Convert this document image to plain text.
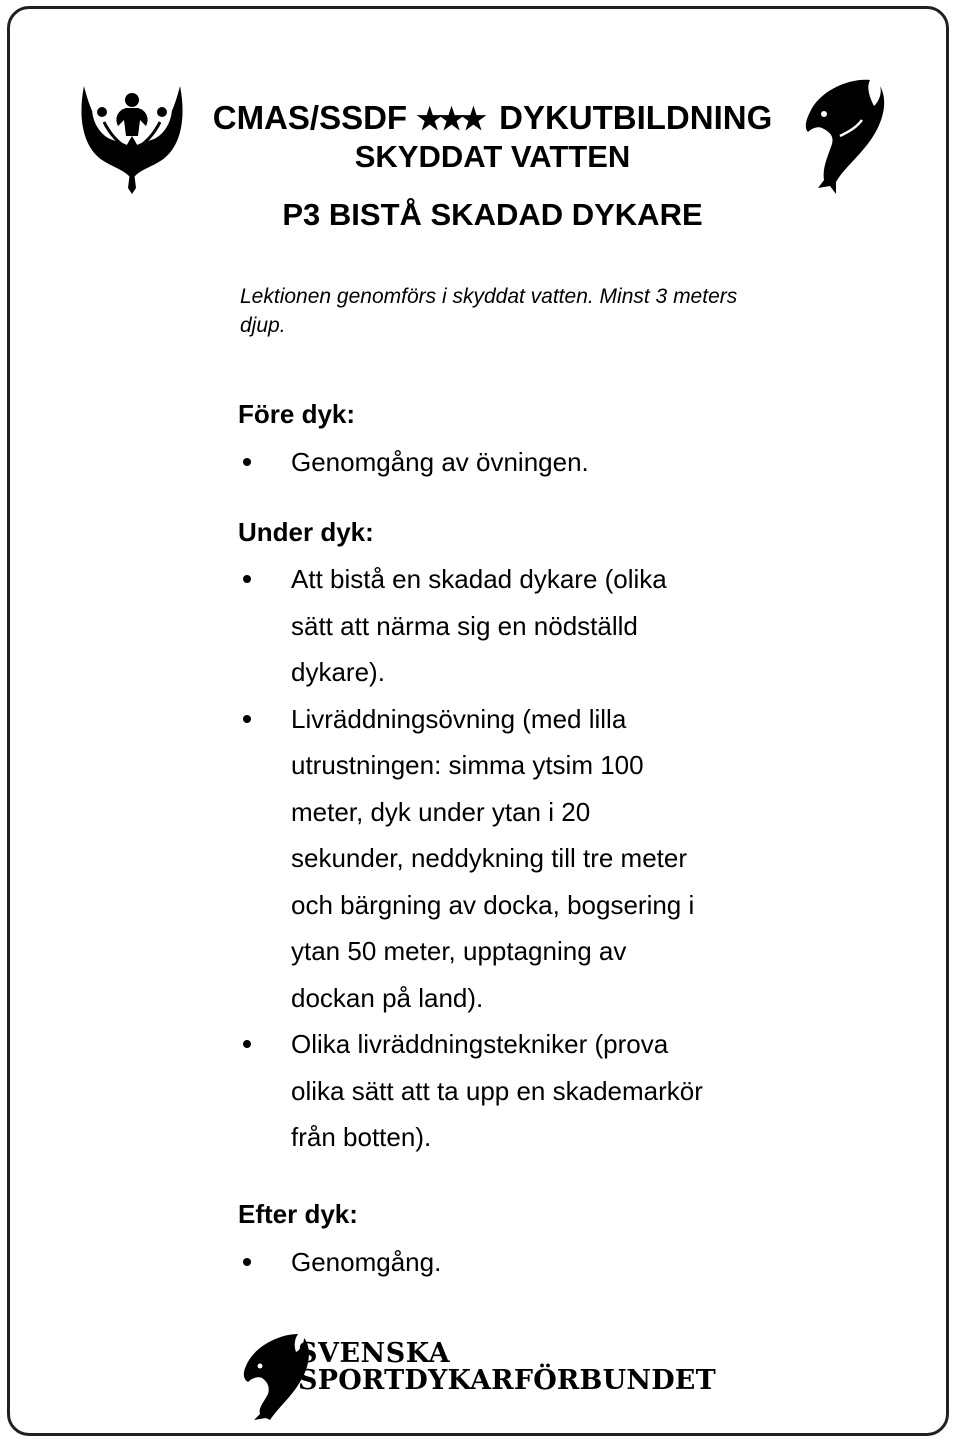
CMAS/SSDF ★★★ DYKUTBILDNING
SKYDDAT VATTEN
P3 BISTÅ SKADAD DYKARE
Lektionen genomförs i skyddat vatten. Minst 3 meters djup.
Före dyk:
Genomgång av övningen.
Under dyk:
Att bistå en skadad dykare (olika sätt att närma sig en nödställd dykare).
Livräddningsövning (med lilla utrustningen: simma ytsim 100 meter, dyk under ytan i 20 sekunder, neddykning till tre meter och bärgning av docka, bogsering i ytan 50 meter, upptagning av dockan på land).
Olika livräddningstekniker (prova olika sätt att ta upp en skademarkör från botten).
Efter dyk:
Genomgång.
SVENSKA
SPORTDYKARFÖRBUNDET
